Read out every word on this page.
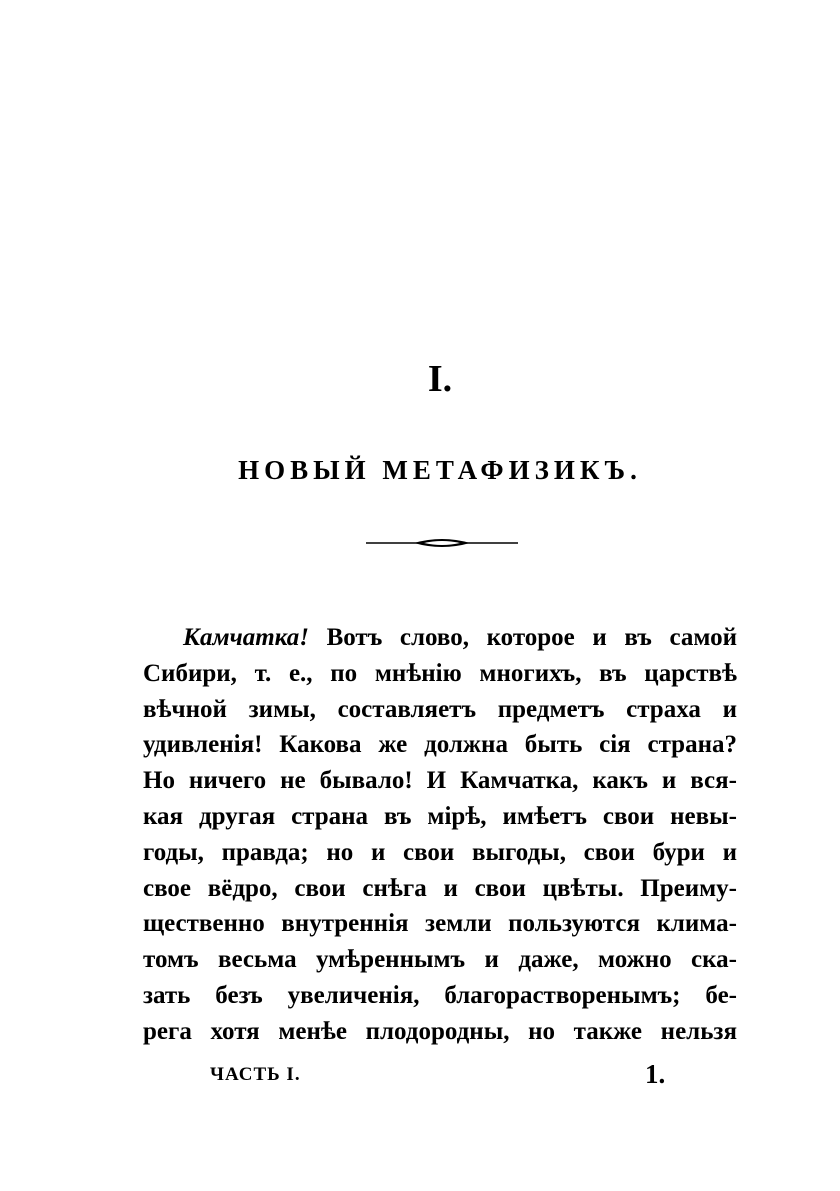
I.
НОВЫЙ МЕТАФИЗИКЪ.
Камчатка! Вотъ слово, которое и въ самой
Сибири, т. е., по мнѣнію многихъ, въ царствѣ
вѣчной зимы, составляетъ предметъ страха и
удивленія! Какова же должна быть сія страна?
Но ничего не бывало! И Камчатка, какъ и вся-
кая другая страна въ мірѣ, имѣетъ свои невы-
годы, правда; но и свои выгоды, свои бури и
свое вёдро, свои снѣга и свои цвѣты. Преиму-
щественно внутреннія земли пользуются клима-
томъ весьма умѣреннымъ и даже, можно ска-
зать безъ увеличенія, благорастворенымъ; бе-
рега хотя менѣе плодородны, но также нельзя
ЧАСТЬ I.	1.
